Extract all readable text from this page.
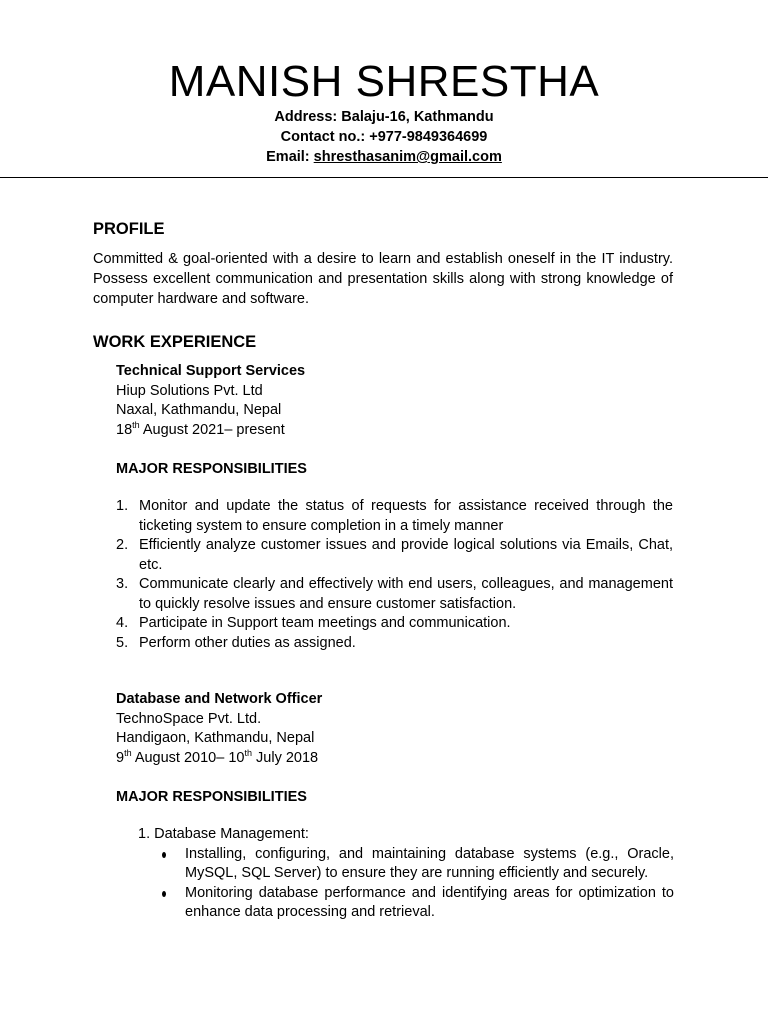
MANISH SHRESTHA
Address: Balaju-16, Kathmandu
Contact no.: +977-9849364699
Email: shresthasanim@gmail.com
PROFILE

Committed & goal-oriented with a desire to learn and establish oneself in the IT industry. Possess excellent communication and presentation skills along with strong knowledge of computer hardware and software.

WORK EXPERIENCE
Technical Support Services
Hiup Solutions Pvt. Ltd
Naxal, Kathmandu, Nepal
18th August 2021– present
MAJOR RESPONSIBILITIES
1. Monitor and update the status of requests for assistance received through the ticketing system to ensure completion in a timely manner
2. Efficiently analyze customer issues and provide logical solutions via Emails, Chat, etc.
3. Communicate clearly and effectively with end users, colleagues, and management to quickly resolve issues and ensure customer satisfaction.
4. Participate in Support team meetings and communication.
5. Perform other duties as assigned.
Database and Network Officer
TechnoSpace Pvt. Ltd.
Handigaon, Kathmandu, Nepal
9th August 2010– 10th July 2018
MAJOR RESPONSIBILITIES
1. Database Management:
Installing, configuring, and maintaining database systems (e.g., Oracle, MySQL, SQL Server) to ensure they are running efficiently and securely.
Monitoring database performance and identifying areas for optimization to enhance data processing and retrieval.
